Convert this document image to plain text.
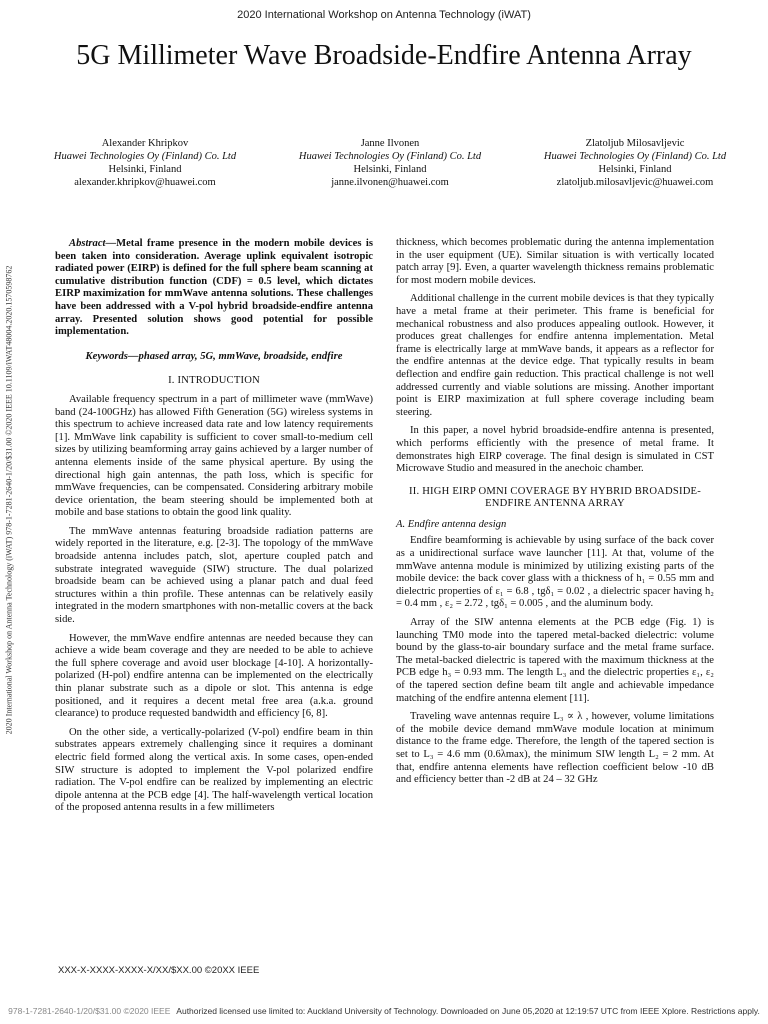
2020 International Workshop on Antenna Technology (iWAT)
5G Millimeter Wave Broadside-Endfire Antenna Array
Alexander Khripkov
Huawei Technologies Oy (Finland) Co. Ltd
Helsinki, Finland
alexander.khripkov@huawei.com
Janne Ilvonen
Huawei Technologies Oy (Finland) Co. Ltd
Helsinki, Finland
janne.ilvonen@huawei.com
Zlatoljub Milosavljevic
Huawei Technologies Oy (Finland) Co. Ltd
Helsinki, Finland
zlatoljub.milosavljevic@huawei.com
2020 International Workshop on Antenna Technology (iWAT) 978-1-7281-2640-1/20/$31.00 ©2020 IEEE 10.1109/iWAT48004.2020.1570598762

Abstract—Metal frame presence in the modern mobile devices is been taken into consideration. Average uplink equivalent isotropic radiated power (EIRP) is defined for the full sphere beam scanning at cumulative distribution function (CDF) = 0.5 level, which dictates EIRP maximization for mmWave antenna solutions. These challenges have been addressed with a V-pol hybrid broadside-endfire antenna array. Presented solution shows good potential for possible implementation.

Keywords—phased array, 5G, mmWave, broadside, endfire

I. INTRODUCTION

Available frequency spectrum in a part of millimeter wave (mmWave) band (24-100GHz) has allowed Fifth Generation (5G) wireless systems in this spectrum to achieve increased data rate and low latency requirements [1]. MmWave link capability is sufficient to cover small-to-medium cell sizes by utilizing beamforming array gains achieved by a larger number of antenna elements inside of the same physical aperture. By using the directional high gain antennas, the path loss, which is specific for mmWave frequencies, can be compensated. Considering arbitrary mobile device orientation, the beam steering should be implemented both at mobile and base stations to obtain the good link quality.

The mmWave antennas featuring broadside radiation patterns are widely reported in the literature, e.g. [2-3]. The topology of the mmWave broadside antenna includes patch, slot, aperture coupled patch and substrate integrated waveguide (SIW) structure. The dual polarized broadside beam can be achieved using a planar patch and dual feed structures within a thin profile. These antennas can be relatively easily integrated in the modern smartphones with non-metallic covers at the back side.

However, the mmWave endfire antennas are needed because they can achieve a wide beam coverage and they are needed to be able to achieve the full sphere coverage and avoid user blockage [4-10]. A horizontally-polarized (H-pol) endfire antenna can be implemented on the electrically thin planar substrate such as a dipole or slot. This antenna is edge positioned, and it requires a decent metal free area (a.k.a. ground clearance) to produce requested bandwidth and efficiency [6, 8].

On the other side, a vertically-polarized (V-pol) endfire beam in thin substrates appears extremely challenging since it requires a dominant electric field formed along the vertical axis. In some cases, open-ended SIW structure is adopted to implement the V-pol polarized endfire radiation. The V-pol endfire can be realized by implementing an electric dipole antenna at the PCB edge [4]. The half-wavelength vertical location of the proposed antenna results in a few millimeters

thickness, which becomes problematic during the antenna implementation in the user equipment (UE). Similar situation is with vertically located patch array [9]. Even, a quarter wavelength thickness remains problematic for most modern mobile devices.

Additional challenge in the current mobile devices is that they typically have a metal frame at their perimeter. This frame is beneficial for mechanical robustness and also produces appealing outlook. However, it produces great challenges for endfire antenna implementation. Metal frame is electrically large at mmWave bands, it appears as a reflector for the endfire antennas at the device edge. That typically results in beam deflection and endfire gain reduction. This practical challenge is not well addressed currently and viable solutions are missing. Another important point is EIRP maximization at full sphere coverage including beam steering.

In this paper, a novel hybrid broadside-endfire antenna is presented, which performs efficiently with the presence of metal frame. It demonstrates high EIRP coverage. The final design is simulated in CST Microwave Studio and measured in the anechoic chamber.

II. HIGH EIRP OMNI COVERAGE BY HYBRID BROADSIDE-ENDFIRE ANTENNA ARRAY
A. Endfire antenna design

Endfire beamforming is achievable by using surface of the back cover as a unidirectional surface wave launcher [11]. At that, volume of the mmWave antenna module is minimized by utilizing existing parts of the mobile device: the back cover glass with a thickness of h₁ = 0.55 mm and dielectric properties of ε₁ = 6.8 , tgδ₁ = 0.02 , a dielectric spacer having h₂ = 0.4 mm , ε₂ = 2.72 , tgδ₁ = 0.005 , and the aluminum body.

Array of the SIW antenna elements at the PCB edge (Fig. 1) is launching TM0 mode into the tapered metal-backed dielectric: volume bound by the glass-to-air boundary surface and the metal frame surface. The metal-backed dielectric is tapered with the maximum thickness at the PCB edge h₃ = 0.93 mm. The length L₃ and the dielectric properties ε₁, ε₂ of the tapered section define beam tilt angle and achievable impedance matching of the endfire antenna element [11].

Traveling wave antennas require L₃ ∝ λ , however, volume limitations of the mobile device demand mmWave module location at minimum distance to the frame edge. Therefore, the length of the tapered section is set to L₃ = 4.6 mm (0.6λmax), the minimum SIW length L₂ = 2 mm. At that, endfire antenna elements have reflection coefficient below -10 dB and efficiency better than -2 dB at 24 – 32 GHz

XXX-X-XXXX-XXXX-X/XX/$XX.00 ©20XX IEEE
978-1-7281-2640-1/20/$31.00 ©2020 IEEE Authorized licensed use limited to: Auckland University of Technology. Downloaded on June 05,2020 at 12:19:57 UTC from IEEE Xplore. Restrictions apply.
